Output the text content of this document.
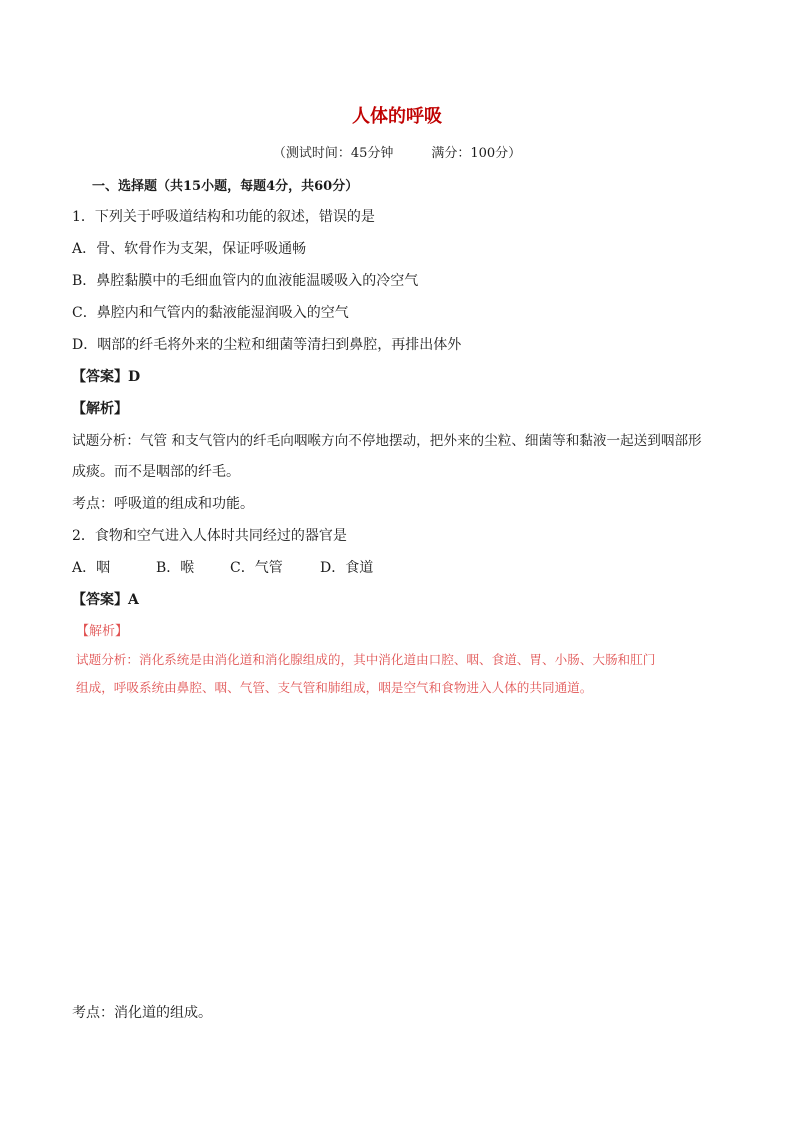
人体的呼吸
（测试时间：45分钟	满分：100分）
一、选择题（共15小题，每题4分，共60分）
1．下列关于呼吸道结构和功能的叙述，错误的是
A．骨、软骨作为支架，保证呼吸通畅
B．鼻腔黏膜中的毛细血管内的血液能温暖吸入的冷空气
C．鼻腔内和气管内的黏液能湿润吸入的空气
D．咽部的纤毛将外来的尘粒和细菌等清扫到鼻腔，再排出体外
【答案】D
【解析】
试题分析：气管 和支气管内的纤毛向咽喉方向不停地摆动，把外来的尘粒、细菌等和黏液一起送到咽部形
成痰。而不是咽部的纤毛。
考点：呼吸道的组成和功能。
2．食物和空气进入人体时共同经过的器官是
A．咽	B．喉	C．气管	D．食道
【答案】A
【解析】
试题分析：消化系统是由消化道和消化腺组成的，其中消化道由口腔、咽、食道、胃、小肠、大肠和肛门
组成，呼吸系统由鼻腔、咽、气管、支气管和肺组成，咽是空气和食物进入人体的共同通道。
考点：消化道的组成。
